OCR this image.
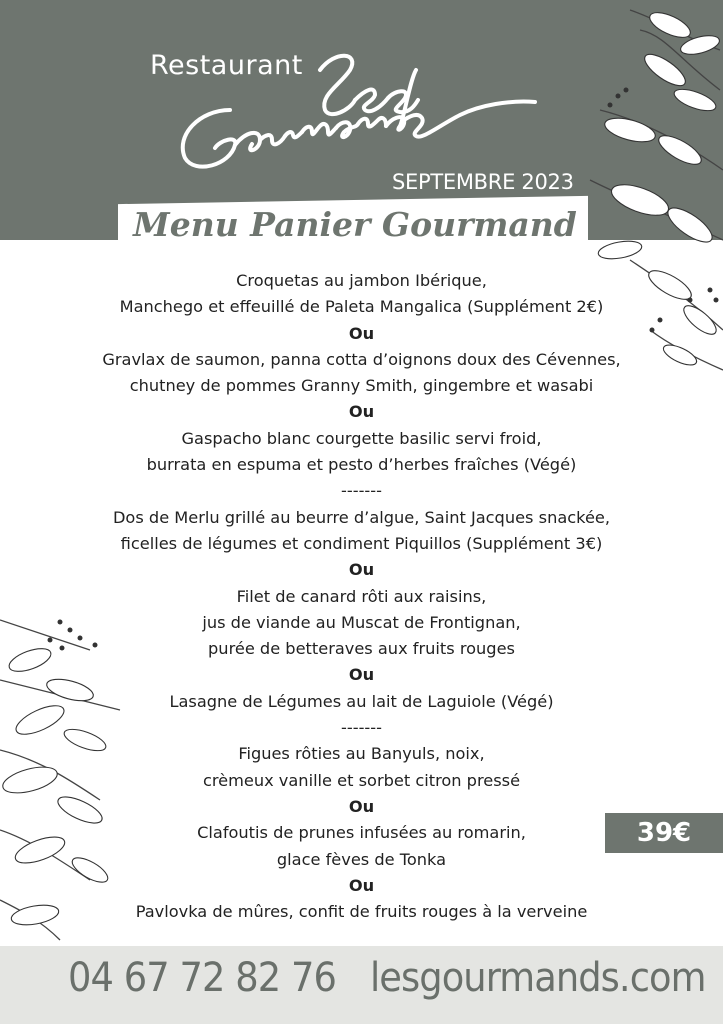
Restaurant
SEPTEMBRE 2023
Menu Panier Gourmand
Croquetas au jambon Ibérique,
Manchego et effeuillé de Paleta Mangalica (Supplément 2€)
Ou
Gravlax de saumon, panna cotta d’oignons doux des Cévennes,
chutney de pommes Granny Smith, gingembre et wasabi
Ou
Gaspacho blanc courgette basilic servi froid,
burrata en espuma et pesto d’herbes fraîches (Végé)
-------
Dos de Merlu grillé au beurre d’algue, Saint Jacques snackée,
ficelles de légumes et condiment Piquillos (Supplément 3€)
Ou
Filet de canard rôti aux raisins,
jus de viande au Muscat de Frontignan,
purée de betteraves aux fruits rouges
Ou
Lasagne de Légumes au lait de Laguiole (Végé)
-------
Figues rôties au Banyuls, noix,
crèmeux vanille et sorbet citron pressé
Ou
Clafoutis de prunes infusées au romarin,
glace fèves de Tonka
Ou
Pavlovka de mûres, confit de fruits rouges à la verveine
39€
04 67 72 82 76 lesgourmands.com
